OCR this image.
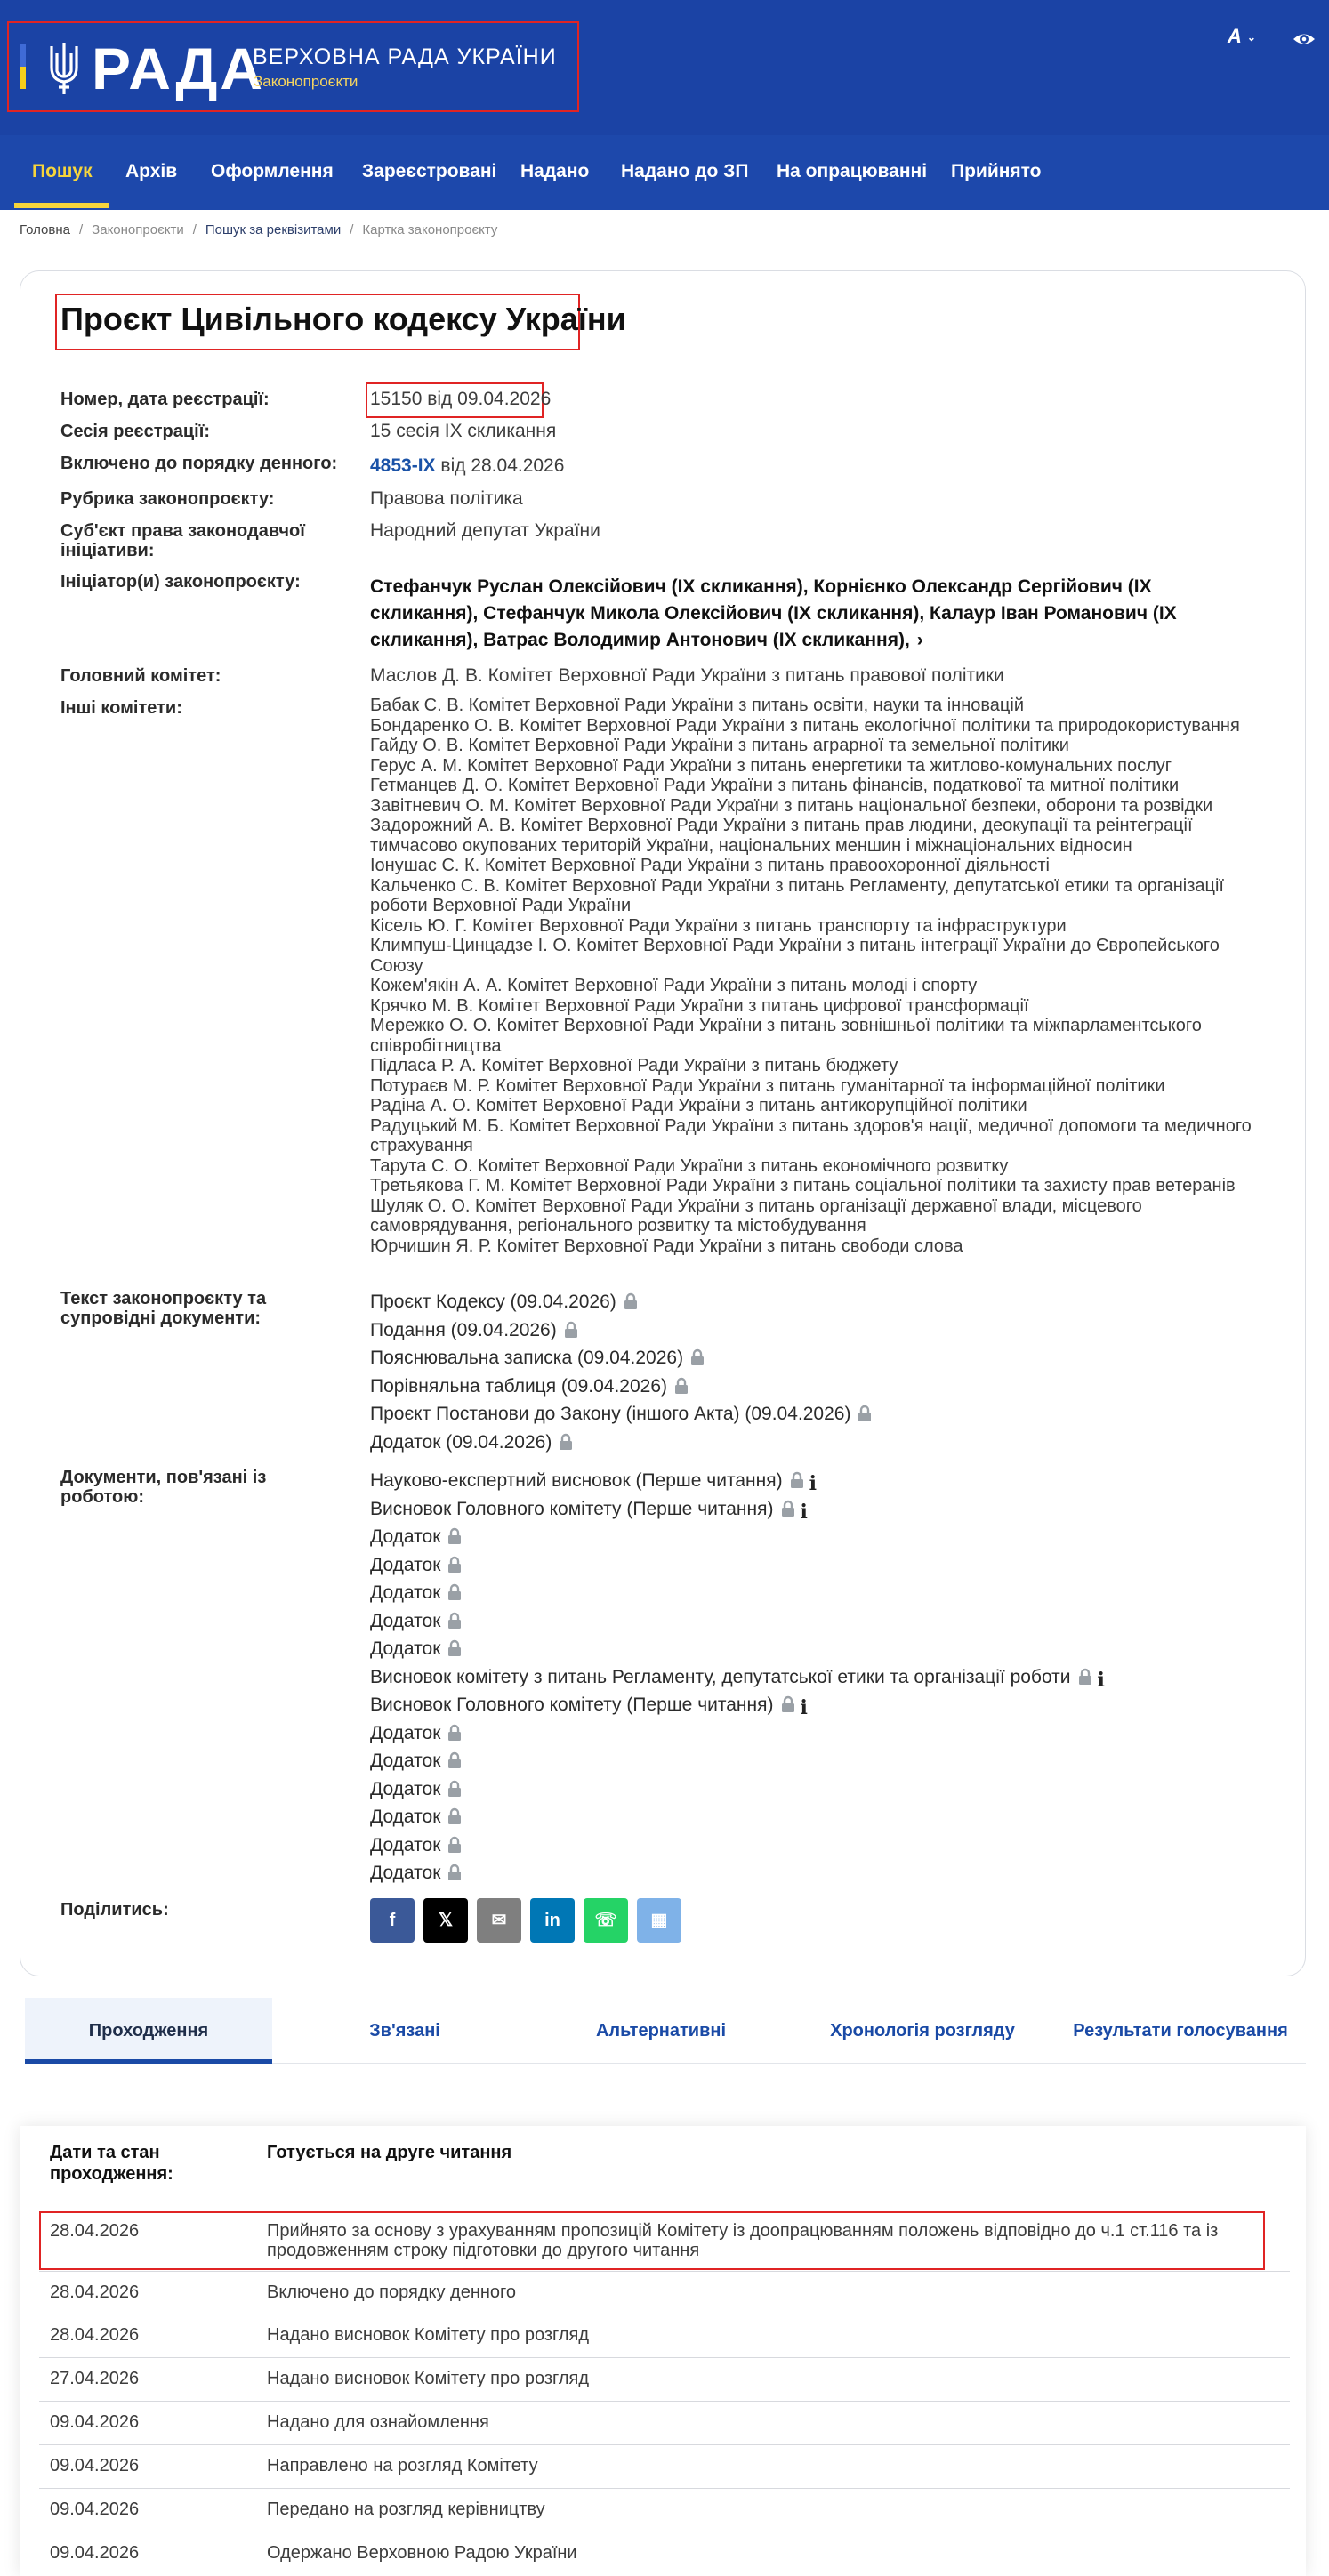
РАДА
ВЕРХОВНА РАДА УКРАЇНИ
Законопроєкти
A ⌄
Пошук Архів Оформлення Зареєстровані Надано Надано до ЗП На опрацюванні Прийнято
Головна / Законопроєкти / Пошук за реквізитами / Картка законопроєкту
Проєкт Цивільного кодексу України
Номер, дата реєстрації:	15150 від 09.04.2026
Сесія реєстрації:	15 сесія IX скликання
Включено до порядку денного: 4853-IX від 28.04.2026
Рубрика законопроєкту:	Правова політика
Суб'єкт права законодавчої ініціативи:
Народний депутат України
Ініціатор(и) законопроєкту:	Стефанчук Руслан Олексійович (IX скликання), Корнієнко Олександр Сергійович (IX скликання), Стефанчук Микола Олексійович (IX скликання), Калаур Іван Романович (IX скликання), Ватрас Володимир Антонович (IX скликання), ›
Головний комітет:	Маслов Д. В. Комітет Верховної Ради України з питань правової політики
Інші комітети:	Бабак С. В. Комітет Верховної Ради України з питань освіти, науки та інновацій
Бондаренко О. В. Комітет Верховної Ради України з питань екологічної політики та природокористування
Гайду О. В. Комітет Верховної Ради України з питань аграрної та земельної політики
Герус А. М. Комітет Верховної Ради України з питань енергетики та житлово-комунальних послуг
Гетманцев Д. О. Комітет Верховної Ради України з питань фінансів, податкової та митної політики
Завітневич О. М. Комітет Верховної Ради України з питань національної безпеки, оборони та розвідки
Задорожний А. В. Комітет Верховної Ради України з питань прав людини, деокупації та реінтеграції тимчасово окупованих територій України, національних меншин і міжнаціональних відносин
Іонушас С. К. Комітет Верховної Ради України з питань правоохоронної діяльності
Кальченко С. В. Комітет Верховної Ради України з питань Регламенту, депутатської етики та організації роботи Верховної Ради України
Кісель Ю. Г. Комітет Верховної Ради України з питань транспорту та інфраструктури
Климпуш-Цинцадзе І. О. Комітет Верховної Ради України з питань інтеграції України до Європейського Союзу
Кожем'якін А. А. Комітет Верховної Ради України з питань молоді і спорту
Крячко М. В. Комітет Верховної Ради України з питань цифрової трансформації
Мережко О. О. Комітет Верховної Ради України з питань зовнішньої політики та міжпарламентського співробітництва
Підласа Р. А. Комітет Верховної Ради України з питань бюджету
Потураєв М. Р. Комітет Верховної Ради України з питань гуманітарної та інформаційної політики
Радіна А. О. Комітет Верховної Ради України з питань антикорупційної політики
Радуцький М. Б. Комітет Верховної Ради України з питань здоров'я нації, медичної допомоги та медичного страхування
Тарута С. О. Комітет Верховної Ради України з питань економічного розвитку
Третьякова Г. М. Комітет Верховної Ради України з питань соціальної політики та захисту прав ветеранів
Шуляк О. О. Комітет Верховної Ради України з питань організації державної влади, місцевого самоврядування, регіонального розвитку та містобудування
Юрчишин Я. Р. Комітет Верховної Ради України з питань свободи слова
Текст законопроєкту та супровідні документи:
Проєкт Кодексу (09.04.2026)
Подання (09.04.2026)
Пояснювальна записка (09.04.2026)
Порівняльна таблиця (09.04.2026)
Проєкт Постанови до Закону (іншого Акта) (09.04.2026)
Додаток (09.04.2026)
Документи, пов'язані із роботою:
Науково-експертний висновок (Перше читання) i
Висновок Головного комітету (Перше читання) i
Додаток
Додаток
Додаток
Додаток
Додаток
Висновок комітету з питань Регламенту, депутатської етики та організації роботи i
Висновок Головного комітету (Перше читання) i
Додаток
Додаток
Додаток
Додаток
Додаток
Додаток
Поділитись:
f	𝕏	✉	in	☏	▦
Проходження	Зв'язані	Альтернативні	Хронологія розгляду	Результати голосування
Дати та стан проходження:
Готується на друге читання
28.04.2026	Прийнято за основу з урахуванням пропозицій Комітету із доопрацюванням положень відповідно до ч.1 ст.116 та із продовженням строку підготовки до другого читання
28.04.2026	Включено до порядку денного
28.04.2026	Надано висновок Комітету про розгляд
27.04.2026	Надано висновок Комітету про розгляд
09.04.2026	Надано для ознайомлення
09.04.2026	Направлено на розгляд Комітету
09.04.2026	Передано на розгляд керівництву
09.04.2026	Одержано Верховною Радою України
